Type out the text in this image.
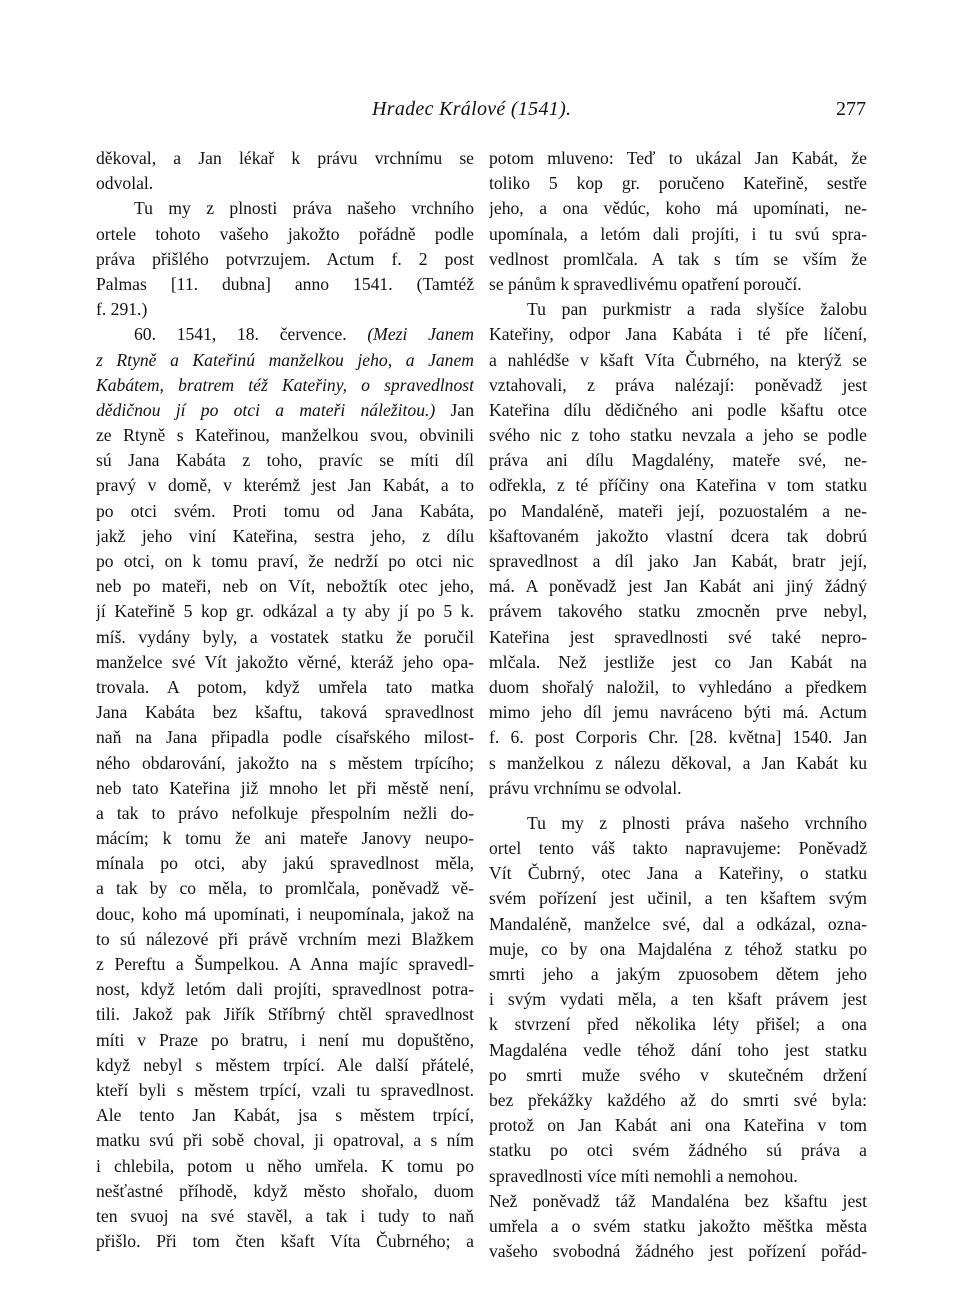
Hradec Králové (1541).	277
děkoval, a Jan lékař k právu vrchnímu se
odvolal.
Tu my z plnosti práva našeho vrchního
ortele tohoto vašeho jakožto pořádně podle
práva přišlého potvrzujem. Actum f. 2 post
Palmas [11. dubna] anno 1541. (Tamtéž
f. 291.)
60. 1541, 18. července. (Mezi Janem
z Rtyně a Kateřinú manželkou jeho, a Janem
Kabátem, bratrem též Kateřiny, o spravedlnost
dědičnou jí po otci a mateři náležitou.) Jan
ze Rtyně s Kateřinou, manželkou svou, obvinili
sú Jana Kabáta z toho, pravíc se míti díl
pravý v domě, v kterémž jest Jan Kabát, a to
po otci svém. Proti tomu od Jana Kabáta,
jakž jeho viní Kateřina, sestra jeho, z dílu
po otci, on k tomu praví, že nedrží po otci nic
neb po mateři, neb on Vít, nebožtík otec jeho,
jí Kateřině 5 kop gr. odkázal a ty aby jí po 5 k.
míš. vydány byly, a vostatek statku že poručil
manželce své Vít jakožto věrné, kteráž jeho opa-
trovala. A potom, když umřela tato matka
Jana Kabáta bez kšaftu, taková spravedlnost
naň na Jana připadla podle císařského milost-
ného obdarování, jakožto na s městem trpícího;
neb tato Kateřina již mnoho let při městě není,
a tak to právo nefolkuje přespolním nežli do-
mácím; k tomu že ani mateře Janovy neupo-
mínala po otci, aby jakú spravedlnost měla,
a tak by co měla, to promlčala, poněvadž vě-
douc, koho má upomínati, i neupomínala, jakož na
to sú nálezové při právě vrchním mezi Blažkem
z Pereftu a Šumpelkou. A Anna majíc spravedl-
nost, když letóm dali projíti, spravedlnost potra-
tili. Jakož pak Jiřík Stříbrný chtěl spravedlnost
míti v Praze po bratru, i není mu dopuštěno,
když nebyl s městem trpící. Ale další přátelé,
kteří byli s městem trpící, vzali tu spravedlnost.
Ale tento Jan Kabát, jsa s městem trpící,
matku svú při sobě choval, ji opatroval, a s ním
i chlebila, potom u něho umřela. K tomu po
nešťastné příhodě, když město shořalo, duom
ten svuoj na své stavěl, a tak i tudy to naň
přišlo. Při tom čten kšaft Víta Čubrného; a
potom mluveno: Teď to ukázal Jan Kabát, že
toliko 5 kop gr. poručeno Kateřině, sestře
jeho, a ona vědúc, koho má upomínati, ne-
upomínala, a letóm dali projíti, i tu svú spra-
vedlnost promlčala. A tak s tím se vším že
se pánům k spravedlivému opatření poroučí.
Tu pan purkmistr a rada slyšíce žalobu
Kateřiny, odpor Jana Kabáta i té pře líčení,
a nahlédše v kšaft Víta Čubrného, na kterýž se
vztahovali, z práva nalézají: poněvadž jest
Kateřina dílu dědičného ani podle kšaftu otce
svého nic z toho statku nevzala a jeho se podle
práva ani dílu Magdalény, mateře své, ne-
odřekla, z té příčiny ona Kateřina v tom statku
po Mandaléně, mateři její, pozuostalém a ne-
kšaftovaném jakožto vlastní dcera tak dobrú
spravedlnost a díl jako Jan Kabát, bratr její,
má. A poněvadž jest Jan Kabát ani jiný žádný
právem takového statku zmocněn prve nebyl,
Kateřina jest spravedlnosti své také nepro-
mlčala. Než jestliže jest co Jan Kabát na
duom shořalý naložil, to vyhledáno a předkem
mimo jeho díl jemu navráceno býti má. Actum
f. 6. post Corporis Chr. [28. května] 1540. Jan
s manželkou z nálezu děkoval, a Jan Kabát ku
právu vrchnímu se odvolal.
Tu my z plnosti práva našeho vrchního
ortel tento váš takto napravujeme: Poněvadž
Vít Čubrný, otec Jana a Kateřiny, o statku
svém pořízení jest učinil, a ten kšaftem svým
Mandaléně, manželce své, dal a odkázal, ozna-
muje, co by ona Majdaléna z téhož statku po
smrti jeho a jakým zpuosobem dětem jeho
i svým vydati měla, a ten kšaft právem jest
k stvrzení před několika léty přišel; a ona
Magdaléna vedle téhož dání toho jest statku
po smrti muže svého v skutečném držení
bez překážky každého až do smrti své byla:
protož on Jan Kabát ani ona Kateřina v tom
statku po otci svém žádného sú práva a
spravedlnosti více míti nemohli a nemohou.
Než poněvadž táž Mandaléna bez kšaftu jest
umřela a o svém statku jakožto měštka města
vašeho svobodná žádného jest pořízení pořád-
